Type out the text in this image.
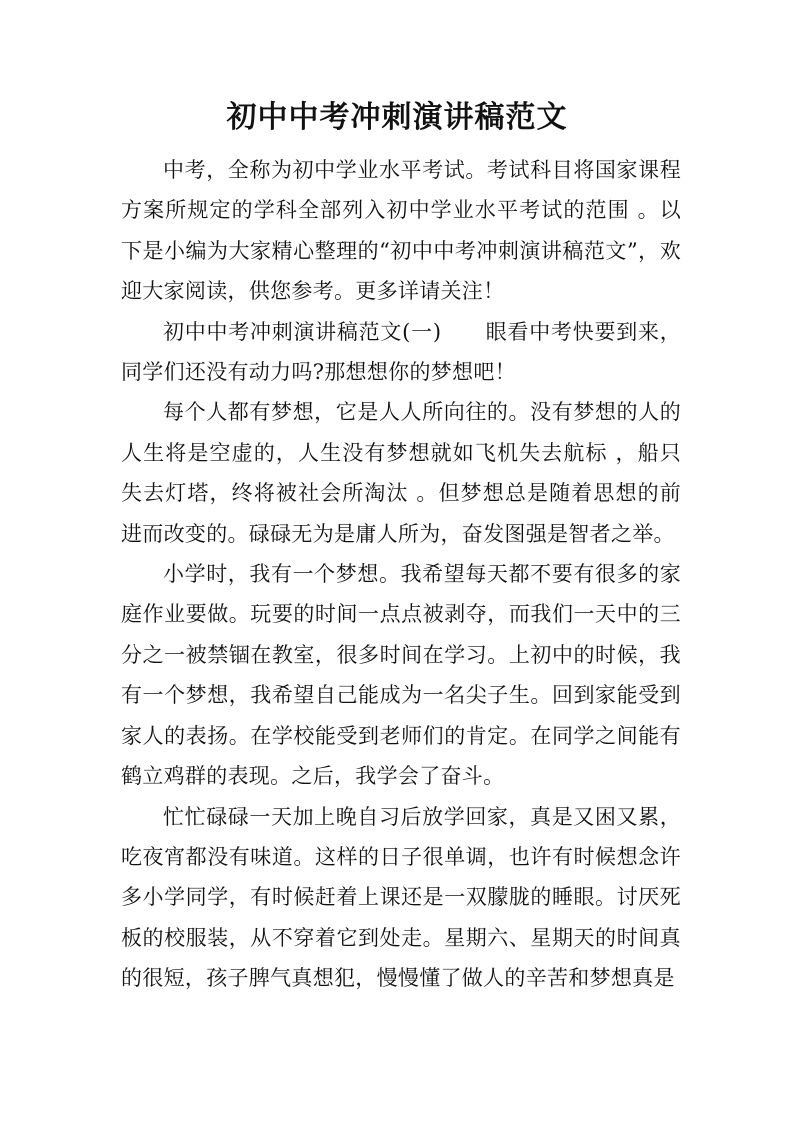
初中中考冲刺演讲稿范文

中考，全称为初中学业水平考试。考试科目将国家课程方案所规定的学科全部列入初中学业水平考试的范围 。以下是小编为大家精心整理的“初中中考冲刺演讲稿范文”，欢迎大家阅读，供您参考。更多详请关注！

初中中考冲刺演讲稿范文(一) 眼看中考快要到来，同学们还没有动力吗?那想想你的梦想吧！

每个人都有梦想，它是人人所向往的。没有梦想的人的人生将是空虚的，人生没有梦想就如飞机失去航标 ，船只失去灯塔，终将被社会所淘汰 。但梦想总是随着思想的前进而改变的。碌碌无为是庸人所为，奋发图强是智者之举。

小学时，我有一个梦想。我希望每天都不要有很多的家庭作业要做。玩要的时间一点点被剥夺，而我们一天中的三分之一被禁锢在教室，很多时间在学习。上初中的时候，我有一个梦想，我希望自己能成为一名尖子生。回到家能受到家人的表扬。在学校能受到老师们的肯定。在同学之间能有鹤立鸡群的表现。之后，我学会了奋斗。

忙忙碌碌一天加上晚自习后放学回家，真是又困又累，吃夜宵都没有味道。这样的日子很单调，也许有时候想念许多小学同学，有时候赶着上课还是一双朦胧的睡眼。讨厌死板的校服装，从不穿着它到处走。星期六、星期天的时间真的很短，孩子脾气真想犯，慢慢懂了做人的辛苦和梦想真是
